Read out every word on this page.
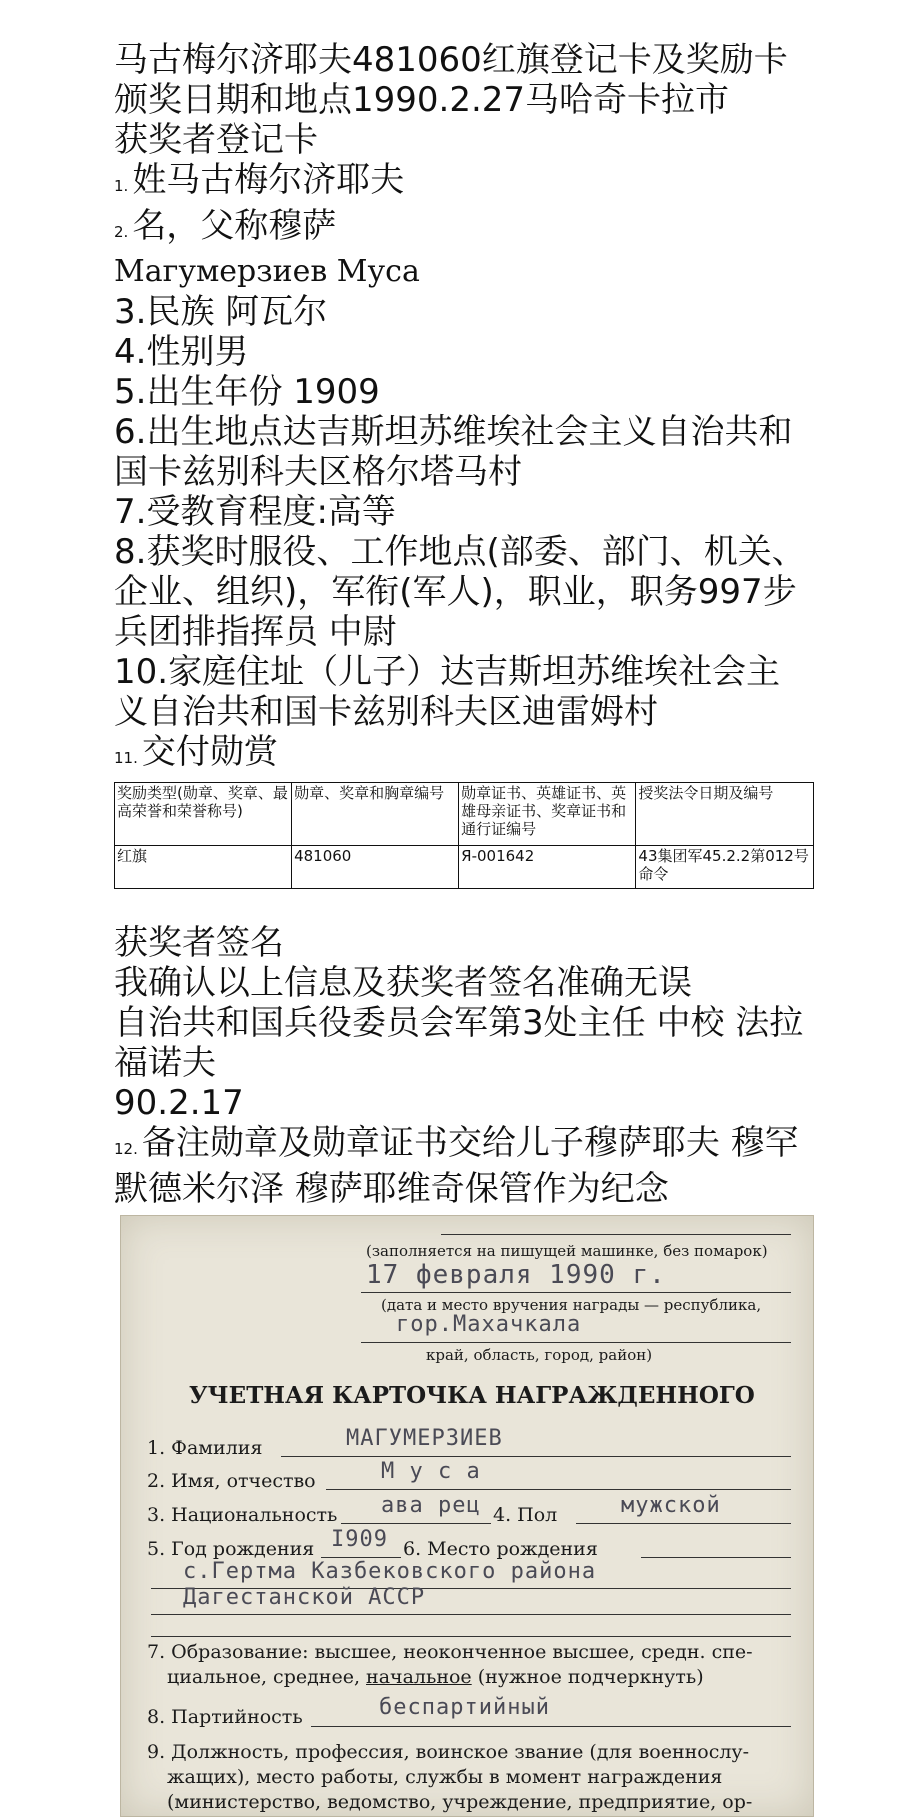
马古梅尔济耶夫481060红旗登记卡及奖励卡
颁奖日期和地点1990.2.27马哈奇卡拉市
获奖者登记卡
1. 姓马古梅尔济耶夫
2. 名，父称穆萨
Магумерзиев Муса
3.民族 阿瓦尔
4.性别男
5.出生年份 1909
6.出生地点达吉斯坦苏维埃社会主义自治共和国卡兹别科夫区格尔塔马村
7.受教育程度:高等
8.获奖时服役、工作地点(部委、部门、机关、企业、组织)，军衔(军人)，职业，职务997步兵团排指挥员 中尉
10.家庭住址（儿子）达吉斯坦苏维埃社会主义自治共和国卡兹别科夫区迪雷姆村
11. 交付勋赏
奖励类型(勋章、奖章、最高荣誉和荣誉称号)	勋章、奖章和胸章编号	勋章证书、英雄证书、英雄母亲证书、奖章证书和通行证编号	授奖法令日期及编号
红旗	481060	Я-001642	43集团军45.2.2第012号命令
获奖者签名
我确认以上信息及获奖者签名准确无误
自治共和国兵役委员会军第3处主任 中校 法拉福诺夫
90.2.17
12. 备注勋章及勋章证书交给儿子穆萨耶夫 穆罕默德米尔泽 穆萨耶维奇保管作为纪念
(заполняется на пишущей машинке, без помарок)
17 февраля 1990 г.
(дата и место вручения награды — республика,
гор.Махачкала
край, область, город, район)
УЧЕТНАЯ КАРТОЧКА НАГРАЖДЕННОГО
1. Фамилия	МАГУМЕРЗИЕВ
2. Имя, отчество	М у с а
3. Национальность ава рец 4. Пол	мужской
5. Год рождения I909 6. Место рождения
с.Гертма Казбековского района
Дагестанской АССР
7. Образование: высшее, неоконченное высшее, средн. спе-
циальное, среднее, начальное (нужное подчеркнуть)
8. Партийность	беспартийный
9. Должность, профессия, воинское звание (для военнослу-
жащих), место работы, службы в момент награждения
(министерство, ведомство, учреждение, предприятие, ор-
